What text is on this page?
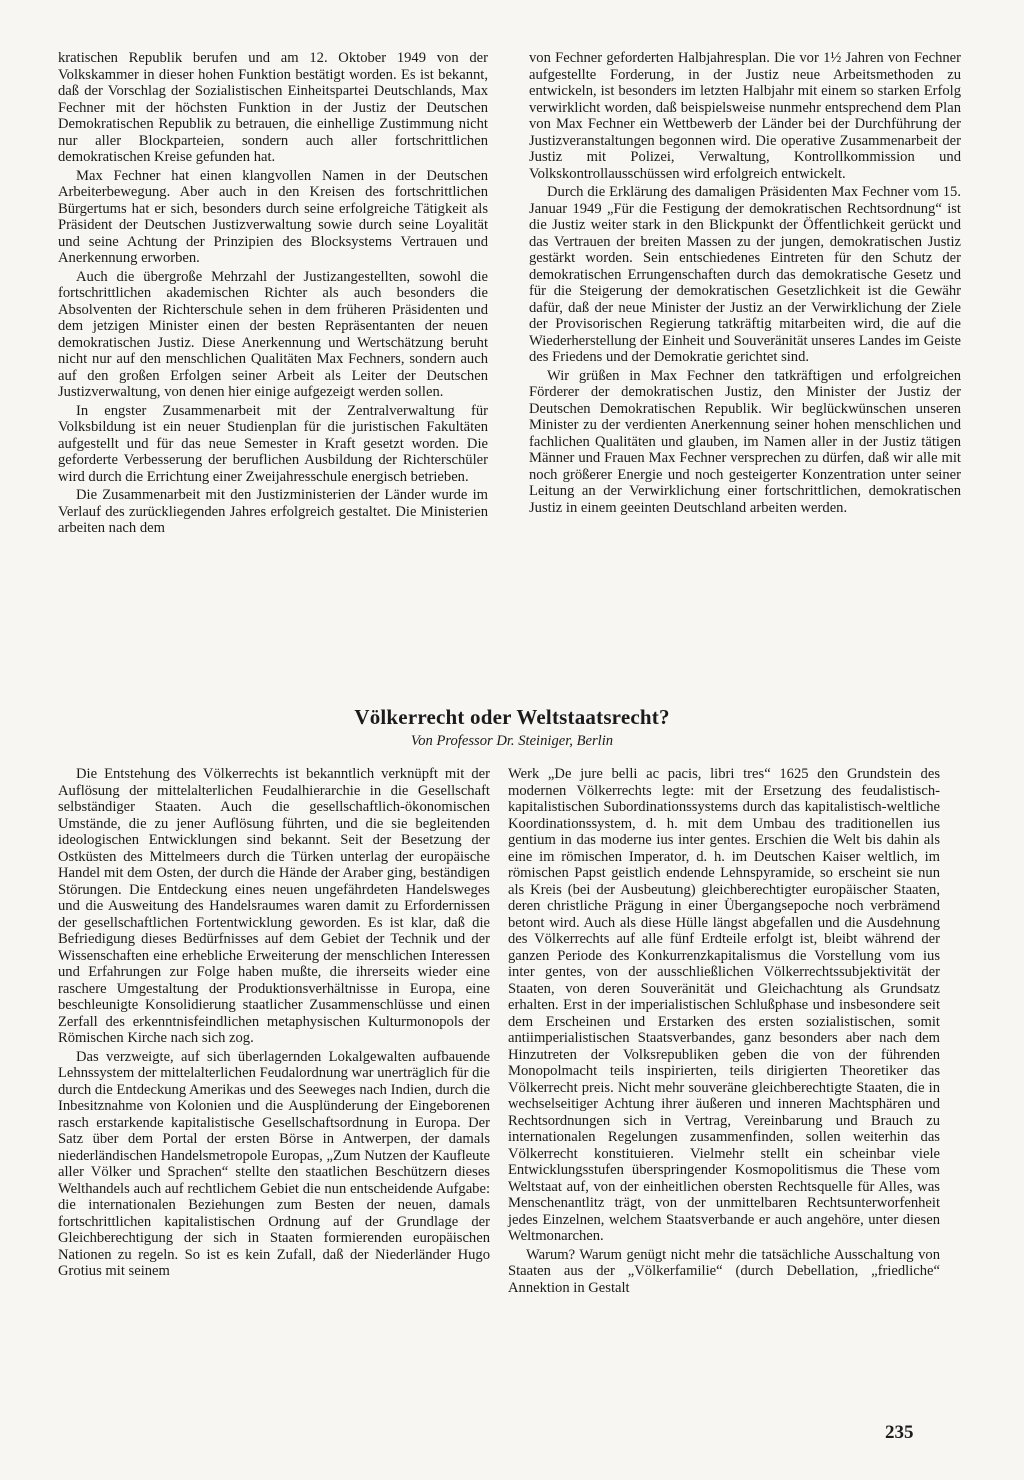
kratischen Republik berufen und am 12. Oktober 1949 von der Volkskammer in dieser hohen Funktion bestätigt worden. Es ist bekannt, daß der Vorschlag der Sozialistischen Einheitspartei Deutschlands, Max Fechner mit der höchsten Funktion in der Justiz der Deutschen Demokratischen Republik zu betrauen, die einhellige Zustimmung nicht nur aller Blockparteien, sondern auch aller fortschrittlichen demokratischen Kreise gefunden hat.

Max Fechner hat einen klangvollen Namen in der Deutschen Arbeiterbewegung. Aber auch in den Kreisen des fortschrittlichen Bürgertums hat er sich, besonders durch seine erfolgreiche Tätigkeit als Präsident der Deutschen Justizverwaltung sowie durch seine Loyalität und seine Achtung der Prinzipien des Blocksystems Vertrauen und Anerkennung erworben.

Auch die übergroße Mehrzahl der Justizangestellten, sowohl die fortschrittlichen akademischen Richter als auch besonders die Absolventen der Richterschule sehen in dem früheren Präsidenten und dem jetzigen Minister einen der besten Repräsentanten der neuen demokratischen Justiz. Diese Anerkennung und Wertschätzung beruht nicht nur auf den menschlichen Qualitäten Max Fechners, sondern auch auf den großen Erfolgen seiner Arbeit als Leiter der Deutschen Justizverwaltung, von denen hier einige aufgezeigt werden sollen.

In engster Zusammenarbeit mit der Zentralverwaltung für Volksbildung ist ein neuer Studienplan für die juristischen Fakultäten aufgestellt und für das neue Semester in Kraft gesetzt worden. Die geforderte Verbesserung der beruflichen Ausbildung der Richterschüler wird durch die Errichtung einer Zweijahresschule energisch betrieben.

Die Zusammenarbeit mit den Justizministerien der Länder wurde im Verlauf des zurückliegenden Jahres erfolgreich gestaltet. Die Ministerien arbeiten nach dem

von Fechner geforderten Halbjahresplan. Die vor 1½ Jahren von Fechner aufgestellte Forderung, in der Justiz neue Arbeitsmethoden zu entwickeln, ist besonders im letzten Halbjahr mit einem so starken Erfolg verwirklicht worden, daß beispielsweise nunmehr entsprechend dem Plan von Max Fechner ein Wettbewerb der Länder bei der Durchführung der Justizveranstaltungen begonnen wird. Die operative Zusammenarbeit der Justiz mit Polizei, Verwaltung, Kontrollkommission und Volkskontrollausschüssen wird erfolgreich entwickelt.

Durch die Erklärung des damaligen Präsidenten Max Fechner vom 15. Januar 1949 „Für die Festigung der demokratischen Rechtsordnung“ ist die Justiz weiter stark in den Blickpunkt der Öffentlichkeit gerückt und das Vertrauen der breiten Massen zu der jungen, demokratischen Justiz gestärkt worden. Sein entschiedenes Eintreten für den Schutz der demokratischen Errungenschaften durch das demokratische Gesetz und für die Steigerung der demokratischen Gesetzlichkeit ist die Gewähr dafür, daß der neue Minister der Justiz an der Verwirklichung der Ziele der Provisorischen Regierung tatkräftig mitarbeiten wird, die auf die Wiederherstellung der Einheit und Souveränität unseres Landes im Geiste des Friedens und der Demokratie gerichtet sind.

Wir grüßen in Max Fechner den tatkräftigen und erfolgreichen Förderer der demokratischen Justiz, den Minister der Justiz der Deutschen Demokratischen Republik. Wir beglückwünschen unseren Minister zu der verdienten Anerkennung seiner hohen menschlichen und fachlichen Qualitäten und glauben, im Namen aller in der Justiz tätigen Männer und Frauen Max Fechner versprechen zu dürfen, daß wir alle mit noch größerer Energie und noch gesteigerter Konzentration unter seiner Leitung an der Verwirklichung einer fortschrittlichen, demokratischen Justiz in einem geeinten Deutschland arbeiten werden.

Völkerrecht oder Weltstaatsrecht?
Von Professor Dr. Steiniger, Berlin

Die Entstehung des Völkerrechts ist bekanntlich verknüpft mit der Auflösung der mittelalterlichen Feudalhierarchie in die Gesellschaft selbständiger Staaten. Auch die gesellschaftlich-ökonomischen Umstände, die zu jener Auflösung führten, und die sie begleitenden ideologischen Entwicklungen sind bekannt. Seit der Besetzung der Ostküsten des Mittelmeers durch die Türken unterlag der europäische Handel mit dem Osten, der durch die Hände der Araber ging, beständigen Störungen. Die Entdeckung eines neuen ungefährdeten Handelsweges und die Ausweitung des Handelsraumes waren damit zu Erfordernissen der gesellschaftlichen Fortentwicklung geworden. Es ist klar, daß die Befriedigung dieses Bedürfnisses auf dem Gebiet der Technik und der Wissenschaften eine erhebliche Erweiterung der menschlichen Interessen und Erfahrungen zur Folge haben mußte, die ihrerseits wieder eine raschere Umgestaltung der Produktionsverhältnisse in Europa, eine beschleunigte Konsolidierung staatlicher Zusammenschlüsse und einen Zerfall des erkenntnisfeindlichen metaphysischen Kulturmonopols der Römischen Kirche nach sich zog.

Das verzweigte, auf sich überlagernden Lokalgewalten aufbauende Lehnssystem der mittelalterlichen Feudalordnung war unerträglich für die durch die Entdeckung Amerikas und des Seeweges nach Indien, durch die Inbesitznahme von Kolonien und die Ausplünderung der Eingeborenen rasch erstarkende kapitalistische Gesellschaftsordnung in Europa. Der Satz über dem Portal der ersten Börse in Antwerpen, der damals niederländischen Handelsmetropole Europas, „Zum Nutzen der Kaufleute aller Völker und Sprachen“ stellte den staatlichen Beschützern dieses Welthandels auch auf rechtlichem Gebiet die nun entscheidende Aufgabe: die internationalen Beziehungen zum Besten der neuen, damals fortschrittlichen kapitalistischen Ordnung auf der Grundlage der Gleichberechtigung der sich in Staaten formierenden europäischen Nationen zu regeln. So ist es kein Zufall, daß der Niederländer Hugo Grotius mit seinem

Werk „De jure belli ac pacis, libri tres“ 1625 den Grundstein des modernen Völkerrechts legte: mit der Ersetzung des feudalistisch-kapitalistischen Subordinationssystems durch das kapitalistisch-weltliche Koordinationssystem, d. h. mit dem Umbau des traditionellen ius gentium in das moderne ius inter gentes. Erschien die Welt bis dahin als eine im römischen Imperator, d. h. im Deutschen Kaiser weltlich, im römischen Papst geistlich endende Lehnspyramide, so erscheint sie nun als Kreis (bei der Ausbeutung) gleichberechtigter europäischer Staaten, deren christliche Prägung in einer Übergangsepoche noch verbrämend betont wird. Auch als diese Hülle längst abgefallen und die Ausdehnung des Völkerrechts auf alle fünf Erdteile erfolgt ist, bleibt während der ganzen Periode des Konkurrenzkapitalismus die Vorstellung vom ius inter gentes, von der ausschließlichen Völkerrechtssubjektivität der Staaten, von deren Souveränität und Gleichachtung als Grundsatz erhalten. Erst in der imperialistischen Schlußphase und insbesondere seit dem Erscheinen und Erstarken des ersten sozialistischen, somit antiimperialistischen Staatsverbandes, ganz besonders aber nach dem Hinzutreten der Volksrepubliken geben die von der führenden Monopolmacht teils inspirierten, teils dirigierten Theoretiker das Völkerrecht preis. Nicht mehr souveräne gleichberechtigte Staaten, die in wechselseitiger Achtung ihrer äußeren und inneren Machtsphären und Rechtsordnungen sich in Vertrag, Vereinbarung und Brauch zu internationalen Regelungen zusammenfinden, sollen weiterhin das Völkerrecht konstituieren. Vielmehr stellt ein scheinbar viele Entwicklungsstufen überspringender Kosmopolitismus die These vom Weltstaat auf, von der einheitlichen obersten Rechtsquelle für Alles, was Menschenantlitz trägt, von der unmittelbaren Rechtsunterworfenheit jedes Einzelnen, welchem Staatsverbande er auch angehöre, unter diesen Weltmonarchen.

Warum? Warum genügt nicht mehr die tatsächliche Ausschaltung von Staaten aus der „Völkerfamilie“ (durch Debellation, „friedliche“ Annektion in Gestalt

235
